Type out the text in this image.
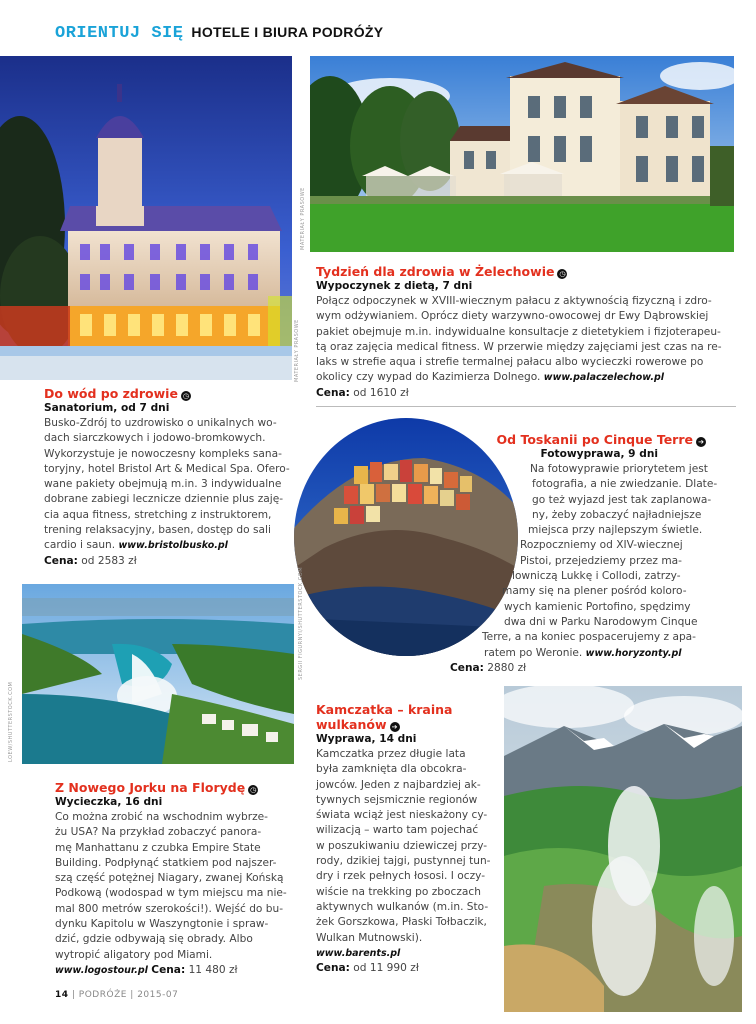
ORIENTUJ SIĘ HOTELE I BIURA PODRÓŻY
MATERIAŁY PRASOWE
MATERIAŁY PRASOWE
Tydzień dla zdrowia w Żelechowie ◷
Wypoczynek z dietą, 7 dni
Połącz odpoczynek w XVIII-wiecznym pałacu z aktywnością fizyczną i zdro-
wym odżywianiem. Oprócz diety warzywno-owocowej dr Ewy Dąbrowskiej
pakiet obejmuje m.in. indywidualne konsultacje z dietetykiem i fizjoterapeu-
tą oraz zajęcia medical fitness. W przerwie między zajęciami jest czas na re-
laks w strefie aqua i strefie termalnej pałacu albo wycieczki rowerowe po
okolicy czy wypad do Kazimierza Dolnego. www.palaczelechow.pl
Cena: od 1610 zł
Do wód po zdrowie ◷
Sanatorium, od 7 dni
Busko-Zdrój to uzdrowisko o unikalnych wo-
dach siarczkowych i jodowo-bromkowych.
Wykorzystuje je nowoczesny kompleks sana-
toryjny, hotel Bristol Art & Medical Spa. Ofero-
wane pakiety obejmują m.in. 3 indywidualne
dobrane zabiegi lecznicze dziennie plus zaję-
cia aqua fitness, stretching z instruktorem,
trening relaksacyjny, basen, dostęp do sali
cardio i saun. www.bristolbusko.pl
Cena: od 2583 zł
SERGII FIGURNYI/SHUTTERSTOCK.COM
Od Toskanii po Cinque Terre ➔
Fotowyprawa, 9 dni
Na fotowyprawie priorytetem jest
fotografia, a nie zwiedzanie. Dlate-
go też wyjazd jest tak zaplanowa-
ny, żeby zobaczyć najładniejsze
miejsca przy najlepszym świetle.
Rozpoczniemy od XIV-wiecznej
Pistoi, przejedziemy przez ma-
lowniczą Lukkę i Collodi, zatrzy-
mamy się na plener pośród koloro-
wych kamienic Portofino, spędzimy
dwa dni w Parku Narodowym Cinque
Terre, a na koniec pospacerujemy z apa-
ratem po Weronie. www.horyzonty.pl
Cena: 2880 zł
LOEW/SHUTTERSTOCK.COM
Z Nowego Jorku na Florydę ◷
Wycieczka, 16 dni
Co można zrobić na wschodnim wybrze-
żu USA? Na przykład zobaczyć panora-
mę Manhattanu z czubka Empire State
Building. Podpłynąć statkiem pod najszer-
szą część potężnej Niagary, zwanej Końską
Podkową (wodospad w tym miejscu ma nie-
mal 800 metrów szerokości!). Wejść do bu-
dynku Kapitolu w Waszyngtonie i spraw-
dzić, gdzie odbywają się obrady. Albo
wytropić aligatory pod Miami.
www.logostour.pl Cena: 11 480 zł
Kamczatka – kraina
wulkanów ➔
Wyprawa, 14 dni
Kamczatka przez długie lata
była zamknięta dla obcokra-
jowców. Jeden z najbardziej ak-
tywnych sejsmicznie regionów
świata wciąż jest nieskażony cy-
wilizacją – warto tam pojechać
w poszukiwaniu dziewiczej przy-
rody, dzikiej tajgi, pustynnej tun-
dry i rzek pełnych łososi. I oczy-
wiście na trekking po zboczach
aktywnych wulkanów (m.in. Sto-
żek Gorszkowa, Płaski Tołbaczik,
Wulkan Mutnowski).
www.barents.pl
Cena: od 11 990 zł
14 | PODRÓŻE | 2015-07
